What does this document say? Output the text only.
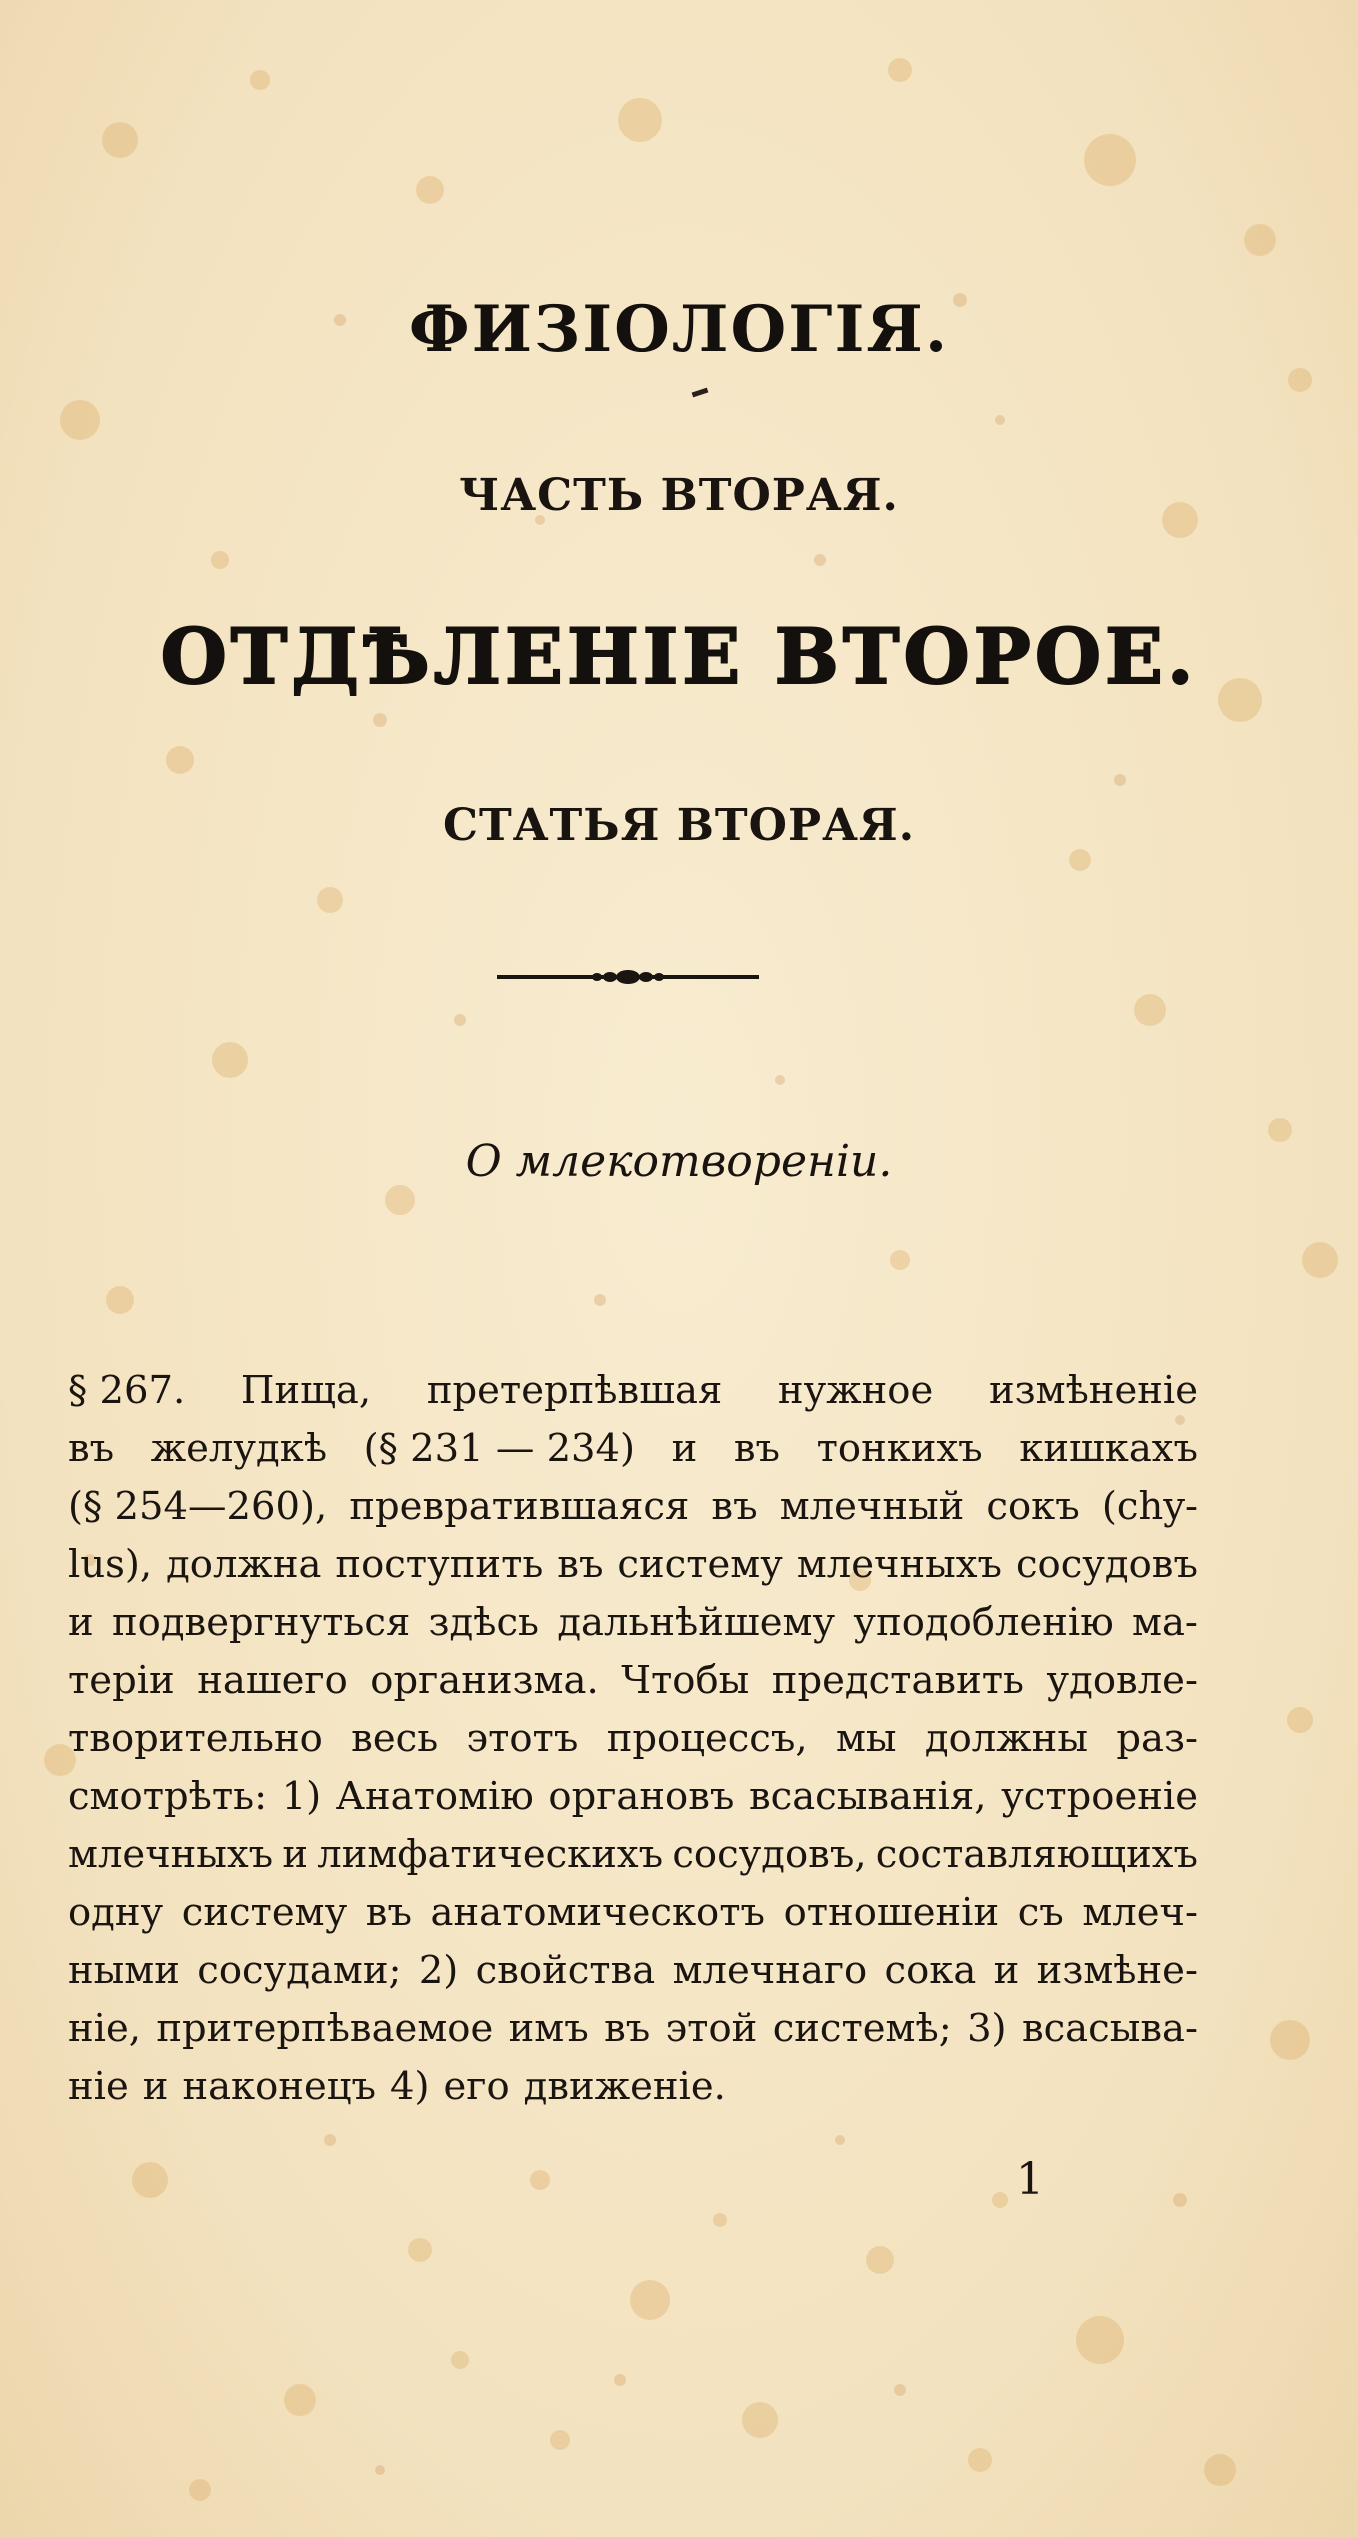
ФИЗІОЛОГІЯ.
ЧАСТЬ ВТОРАЯ.
ОТДѢЛЕНІЕ ВТОРОЕ.
СТАТЬЯ ВТОРАЯ.
О млекотвореніи.
§ 267. Пища, претерпѣвшая нужное измѣненіе
въ желудкѣ (§ 231 — 234) и въ тонкихъ кишкахъ
(§ 254—260), превратившаяся въ млечный сокъ (chy-
lus), должна поступить въ систему млечныхъ сосудовъ
и подвергнуться здѣсь дальнѣйшему уподобленію ма-
теріи нашего организма. Чтобы представить удовле-
творительно весь этотъ процессъ, мы должны раз-
смотрѣть: 1) Анатомію органовъ всасыванія, устроеніе
млечныхъ и лимфатическихъ сосудовъ, составляющихъ
одну систему въ анатомическотъ отношеніи съ млеч-
ными сосудами; 2) свойства млечнаго сока и измѣне-
ніе, притерпѣваемое имъ въ этой системѣ; 3) всасыва-
ніе и наконецъ 4) его движеніе.
1
